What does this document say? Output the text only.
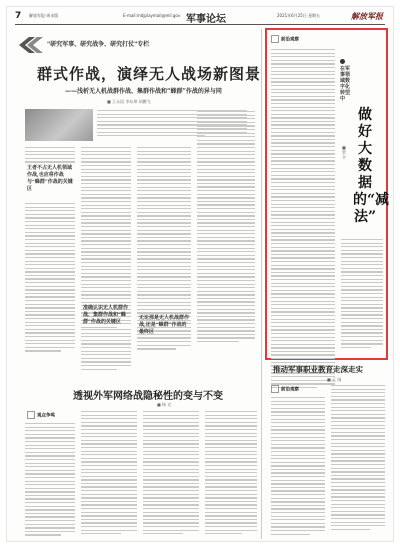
7 解放军报·周末版	E-mail:mdjplaymail@mil.gov 军事论坛	2021年6月25日 星期五	解放军报
"研究军事、研究战争、研究打仗"专栏
群式作战，演绎无人战场新图景
——浅析无人机战群作战、集群作战和“蜂群”作战的异与同
■ 王永国 李东坤 胡鹏飞
王者不占无人机领域作战,也应将作战与“蜂群”作战的关键区
准确认识无人机群作战、集群作战和“蜂群”作战的关键区
无论那是无人机战群作战,还是“蜂群”作战的最终区
透视外军网络战隐秘性的变与不变
■ 杨 光
观点争鸣
前沿观察
在军事领域数字化转型中
做好大数据的“减法”
■ 罗 平
推动军事职业教育走深走实
■ 王 刚
前沿观察
